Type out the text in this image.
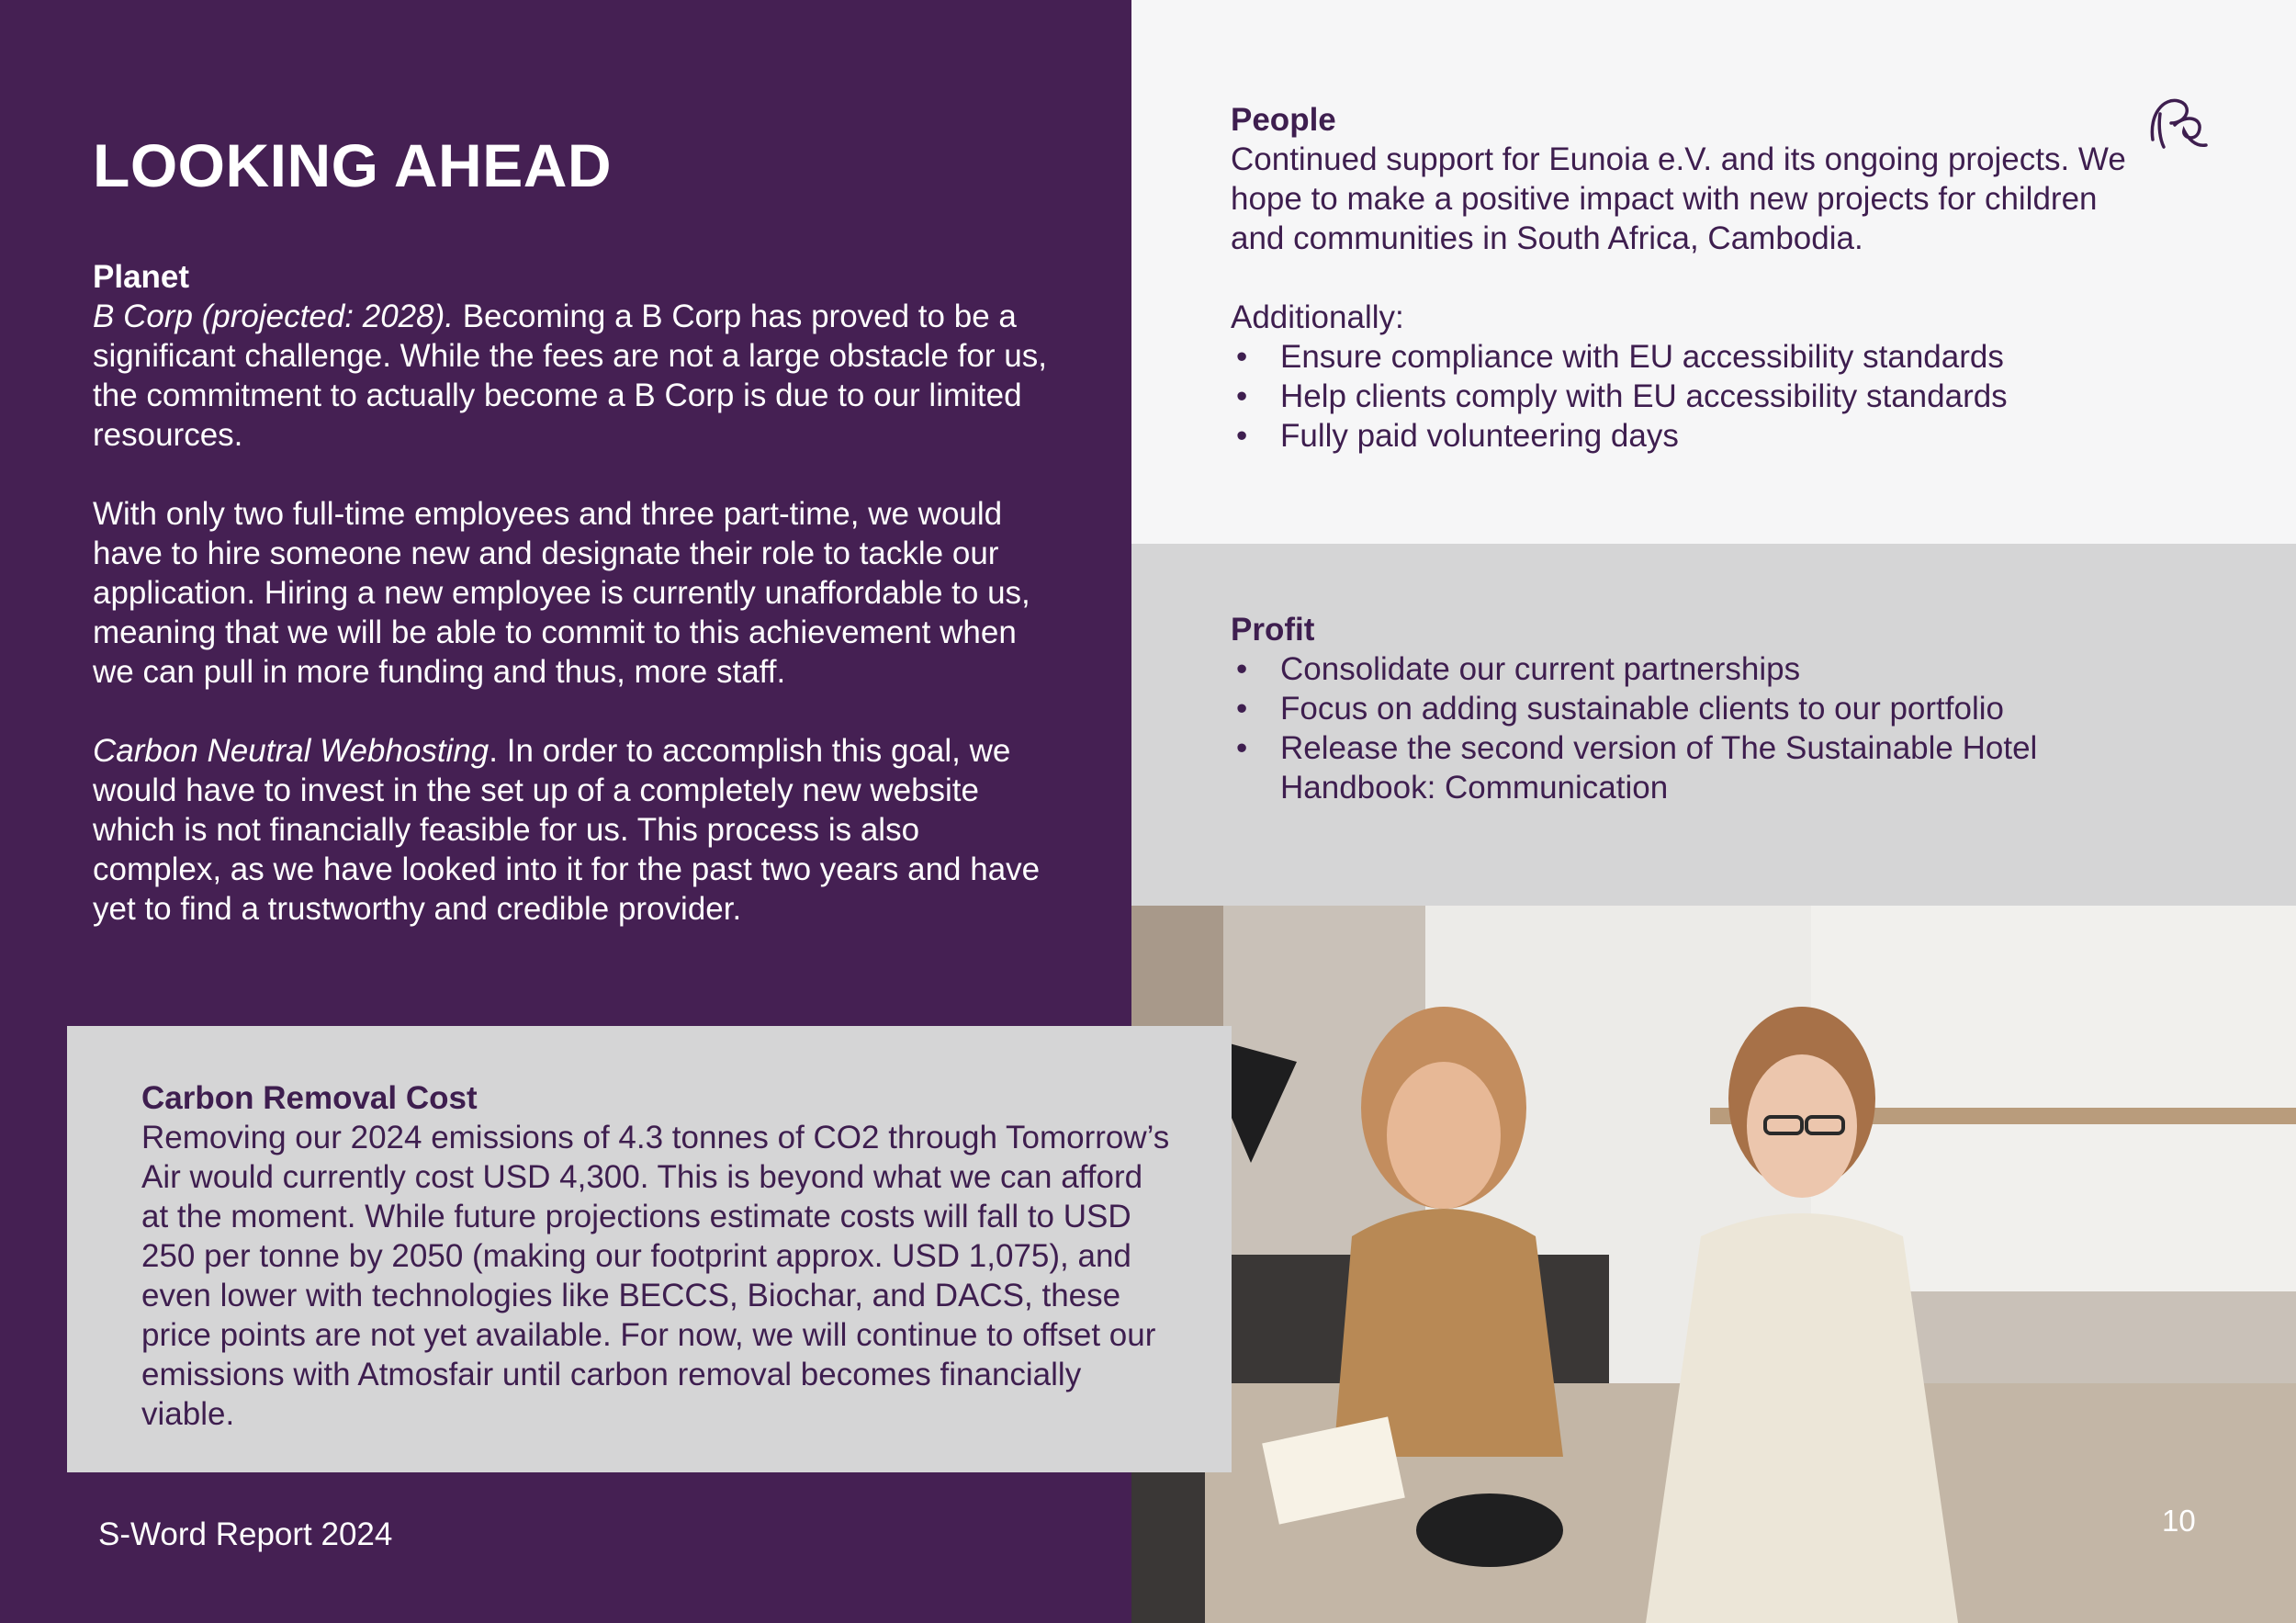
LOOKING AHEAD

Planet

B Corp (projected: 2028). Becoming a B Corp has proved to be a significant challenge. While the fees are not a large obstacle for us, the commitment to actually become a B Corp is due to our limited resources.

With only two full-time employees and three part-time, we would have to hire someone new and designate their role to tackle our application. Hiring a new employee is currently unaffordable to us, meaning that we will be able to commit to this achievement when we can pull in more funding and thus, more staff.

Carbon Neutral Webhosting. In order to accomplish this goal, we would have to invest in the set up of a completely new website which is not financially feasible for us. This process is also complex, as we have looked into it for the past two years and have yet to find a trustworthy and credible provider.

People

Continued support for Eunoia e.V. and its ongoing projects. We hope to make a positive impact with new projects for children and communities in South Africa, Cambodia.

Additionally:

• Ensure compliance with EU accessibility standards
• Help clients comply with EU accessibility standards
• Fully paid volunteering days

Profit

• Consolidate our current partnerships
• Focus on adding sustainable clients to our portfolio
• Release the second version of The Sustainable Hotel Handbook: Communication

Carbon Removal Cost

Removing our 2024 emissions of 4.3 tonnes of CO2 through Tomorrow’s Air would currently cost USD 4,300. This is beyond what we can afford at the moment. While future projections estimate costs will fall to USD 250 per tonne by 2050 (making our footprint approx. USD 1,075), and even lower with technologies like BECCS, Biochar, and DACS, these price points are not yet available. For now, we will continue to offset our emissions with Atmosfair until carbon removal becomes financially viable.

S-Word Report 2024	10
